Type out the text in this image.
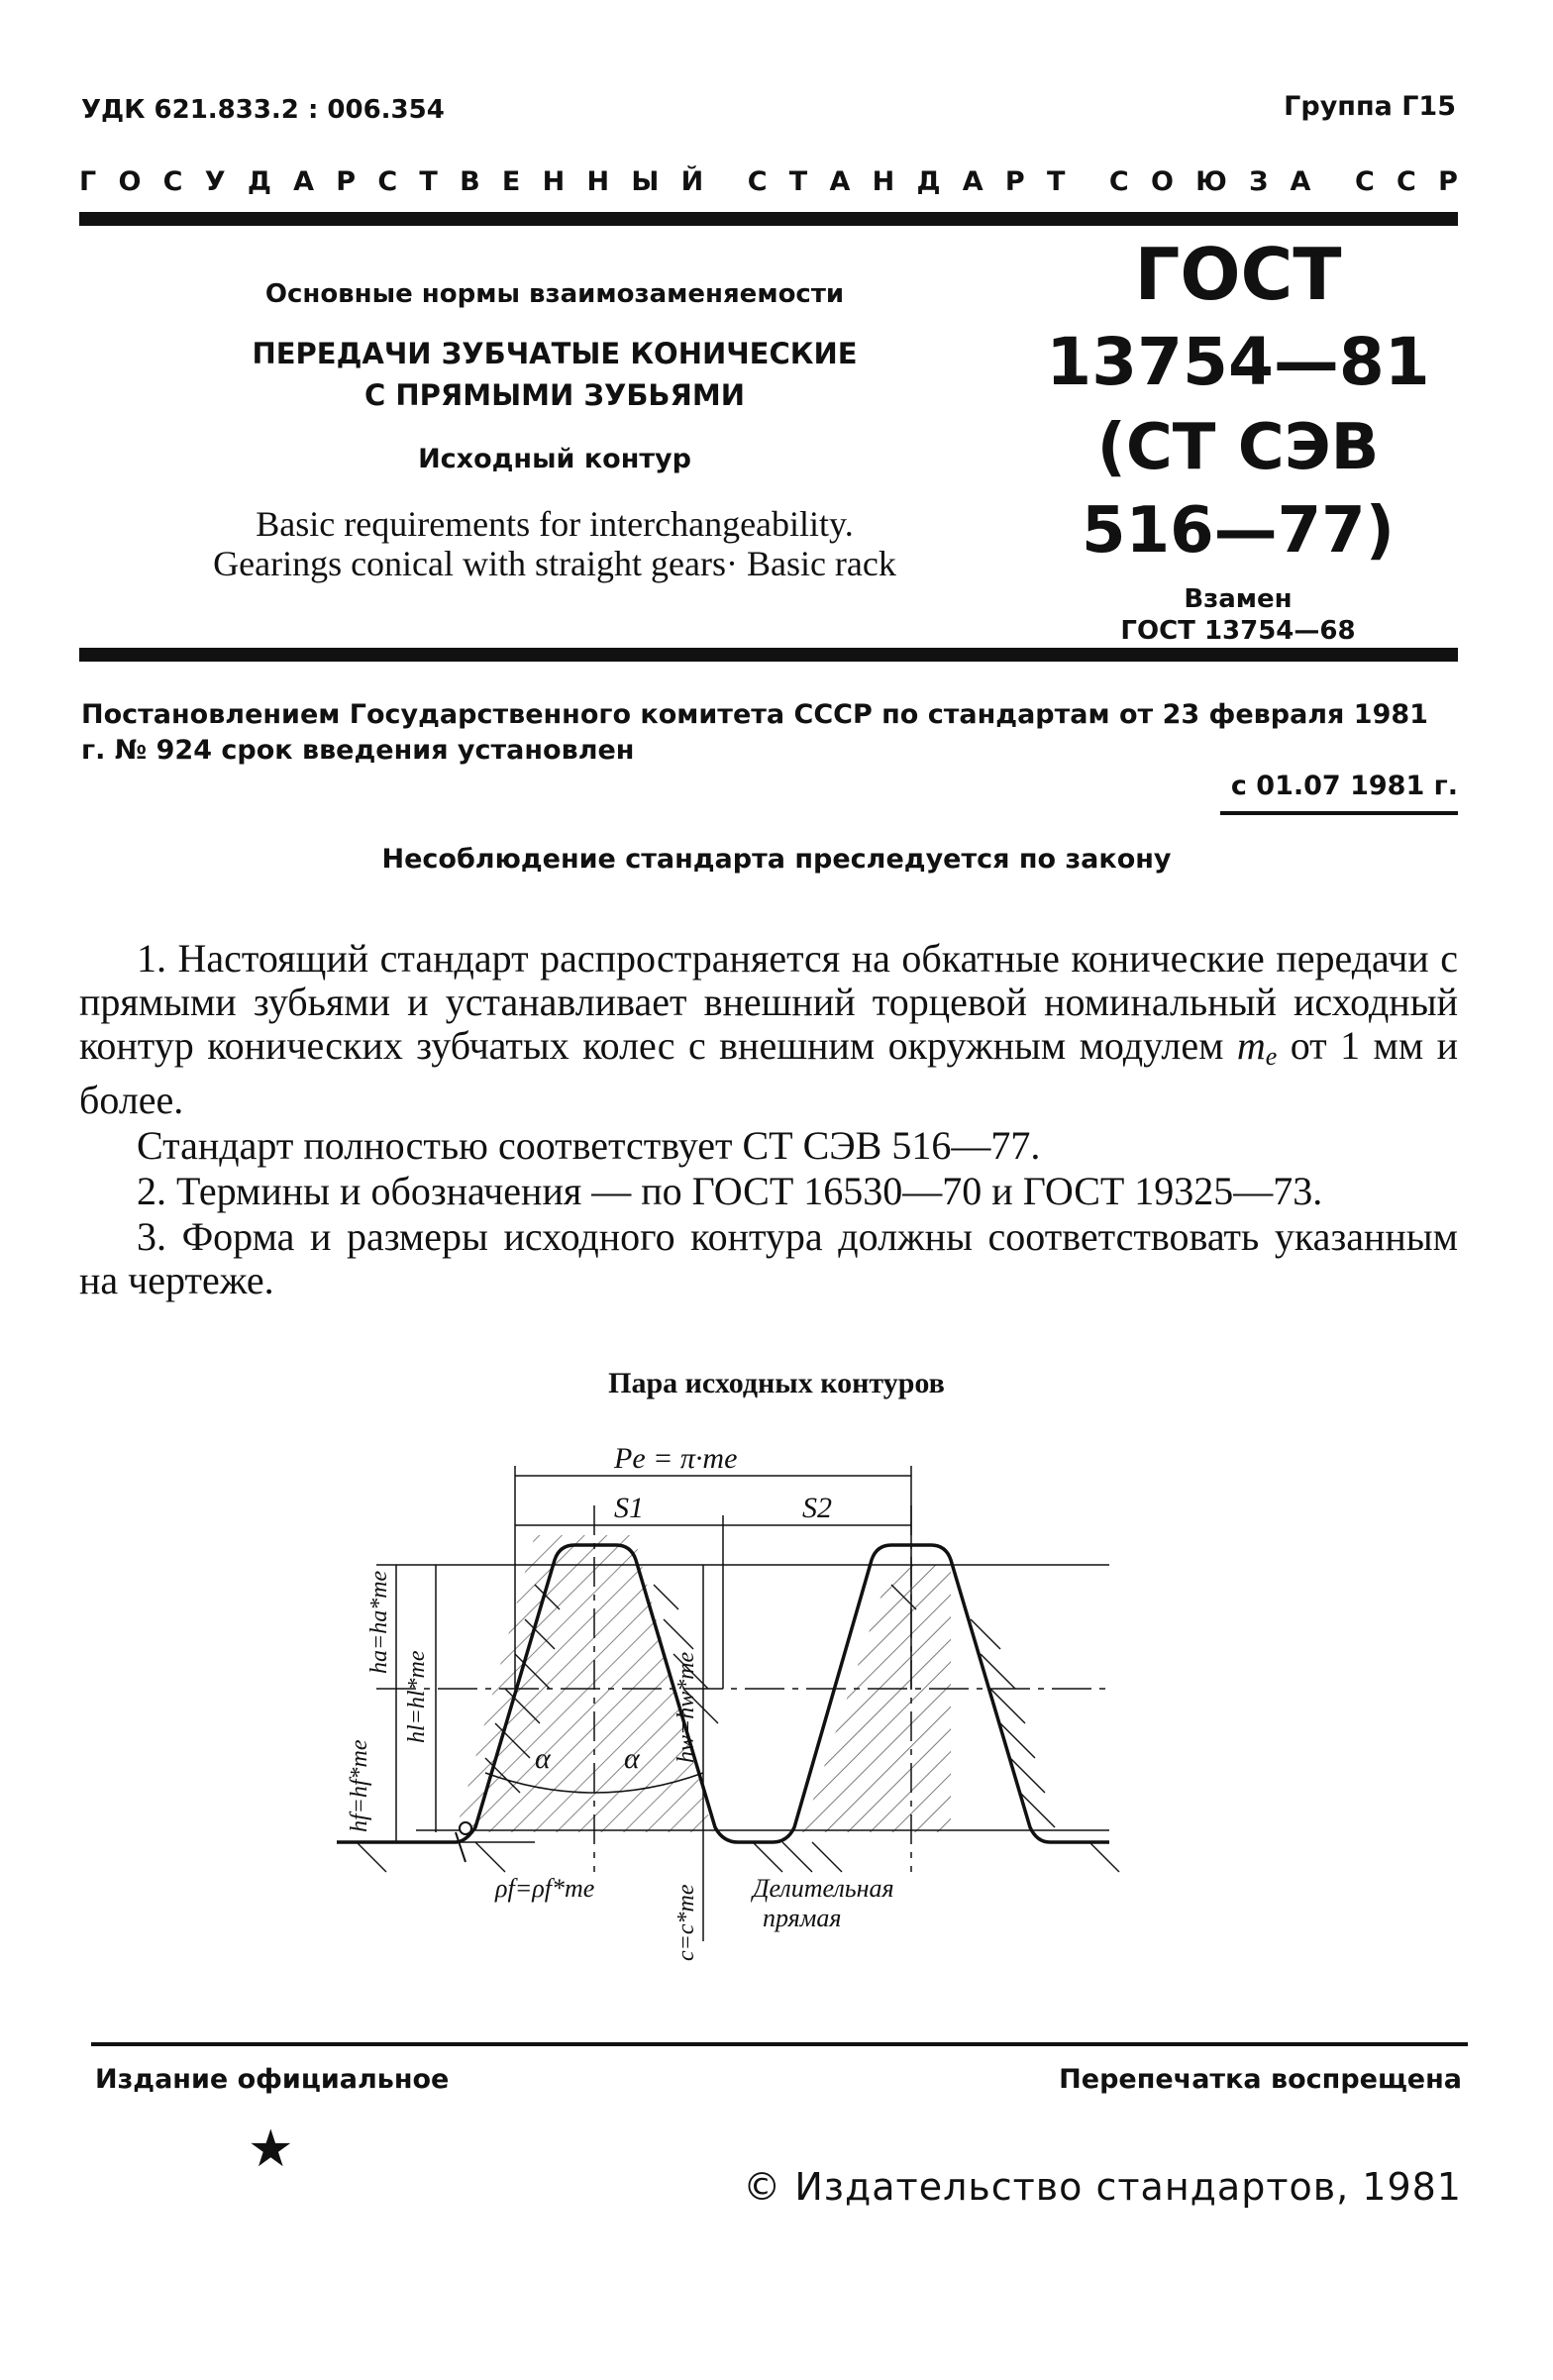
УДК 621.833.2 : 006.354	Группа Г15
Г О С У Д А Р С Т В Е Н Н Ы Й С Т А Н Д А Р Т С О Ю З А С С Р
Основные нормы взаимозаменяемости
ПЕРЕДАЧИ ЗУБЧАТЫЕ КОНИЧЕСКИЕ
С ПРЯМЫМИ ЗУБЬЯМИ
Исходный контур
Basic requirements for interchangeability.
Gearings conical with straight gears· Basic rack
ГОСТ
13754—81
(СТ СЭВ
516—77)
Взамен
ГОСТ 13754—68
Постановлением Государственного комитета СССР по стандартам от 23 февраля 1981 г. № 924 срок введения установлен
с 01.07 1981 г.
Несоблюдение стандарта преследуется по закону

1. Настоящий стандарт распространяется на обкатные конические передачи с прямыми зубьями и устанавливает внешний торцевой номинальный исходный контур конических зубчатых колес с внешним окружным модулем $m_e$ от 1 мм и более.

Стандарт полностью соответствует СТ СЭВ 516—77.

2. Термины и обозначения — по ГОСТ 16530—70 и ГОСТ 19325—73.

3. Форма и размеры исходного контура должны соответствовать указанным на чертеже.

Пара исходных контуров
Pe = π·me
S1	S2
α α
ρf=ρf*me	Делительная
прямая
ha=ha*me
hl=hl*me
hf=hf*me
hw=hw*me
c=c*me
Издание официальное	Перепечатка воспрещена
★
© Издательство стандартов, 1981
